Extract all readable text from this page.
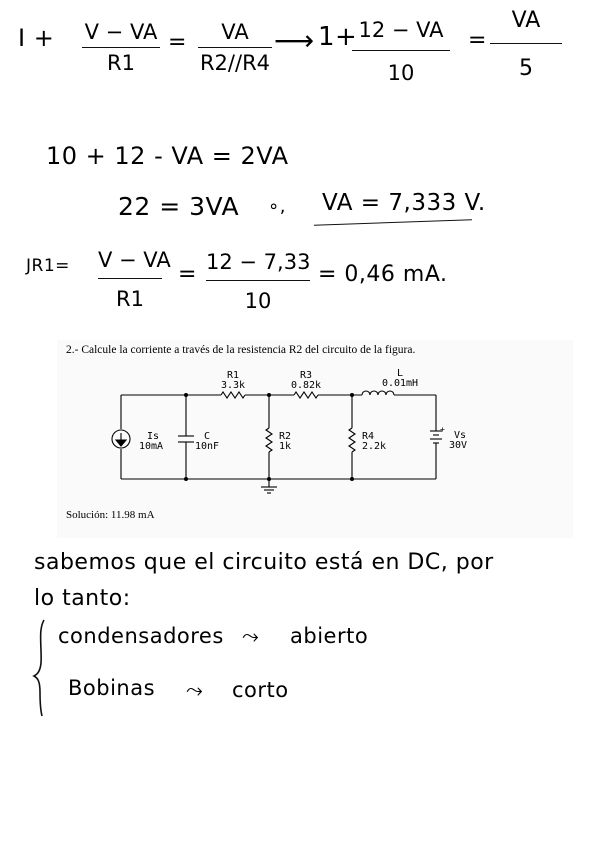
I + V − VA
R1
=	VA
R2//R4
⟶ 1+ 12 − VA
10
=
VA
5
10 + 12 - VA = 2VA
22 = 3VA ∘, VA = 7,333 V.
JR1= V − VA
R1
= 12 − 7,33
10
= 0,46 mA.
2.- Calcule la corriente a través de la resistencia R2 del circuito de la figura.
Solución: 11.98 mA
R1
3.3k
R3
0.82k
L
0.01mH
Is
10mA
C
10nF
R2
1k
R4
2.2k
+
Vs
30V
sabemos que el circuito está en DC, por
lo tanto:
condensadores ⤳ abierto
Bobinas ⤳ corto
